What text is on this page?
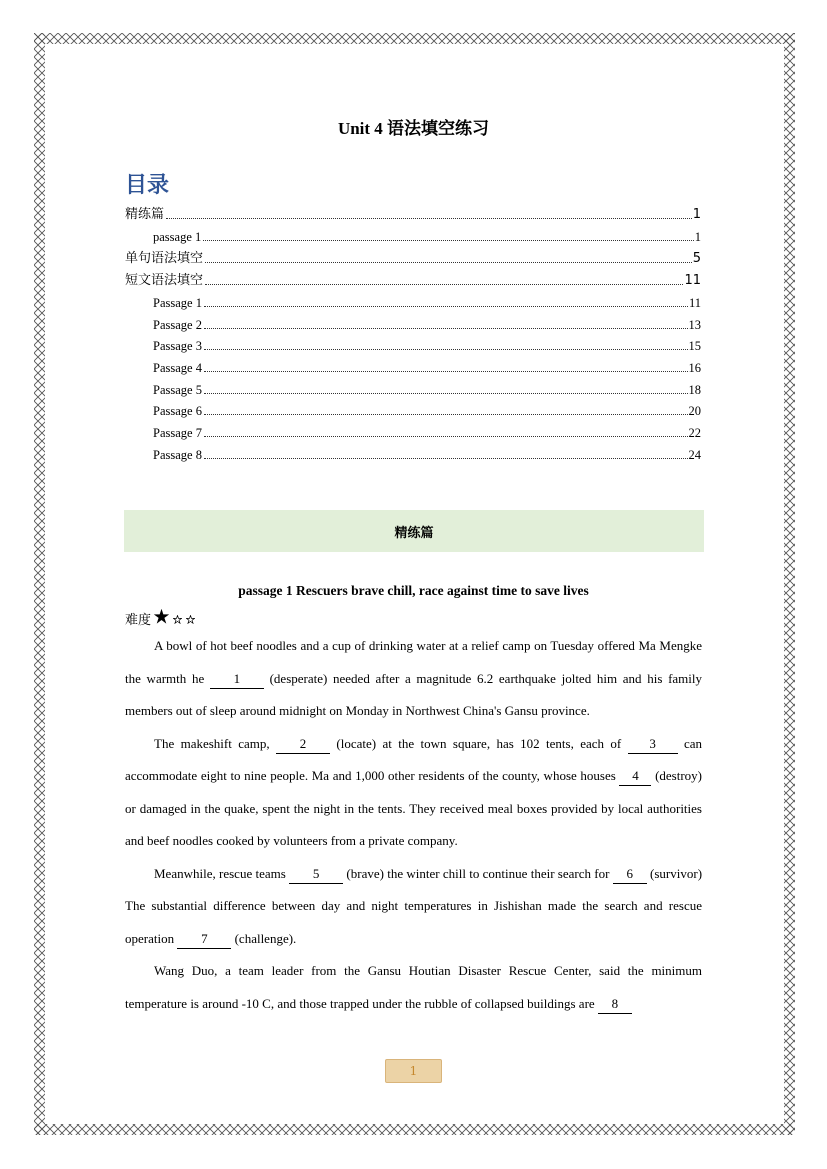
Unit 4 语法填空练习
目录
精练篇	1
passage 1	1
单句语法填空	5
短文语法填空	11
Passage 1	11
Passage 2	13
Passage 3	15
Passage 4	16
Passage 5	18
Passage 6	20
Passage 7	22
Passage 8	24
精练篇
passage 1 Rescuers brave chill, race against time to save lives
难度

A bowl of hot beef noodles and a cup of drinking water at a relief camp on Tuesday offered Ma Mengke the warmth he 1 (desperate) needed after a magnitude 6.2 earthquake jolted him and his family members out of sleep around midnight on Monday in Northwest China's Gansu province.

The makeshift camp, 2 (locate) at the town square, has 102 tents, each of 3 can accommodate eight to nine people. Ma and 1,000 other residents of the county, whose houses 4 (destroy) or damaged in the quake, spent the night in the tents. They received meal boxes provided by local authorities and beef noodles cooked by volunteers from a private company.

Meanwhile, rescue teams 5 (brave) the winter chill to continue their search for 6 (survivor) The substantial difference between day and night temperatures in Jishishan made the search and rescue operation 7 (challenge).

Wang Duo, a team leader from the Gansu Houtian Disaster Rescue Center, said the minimum temperature is around -10 C, and those trapped under the rubble of collapsed buildings are 8

1
